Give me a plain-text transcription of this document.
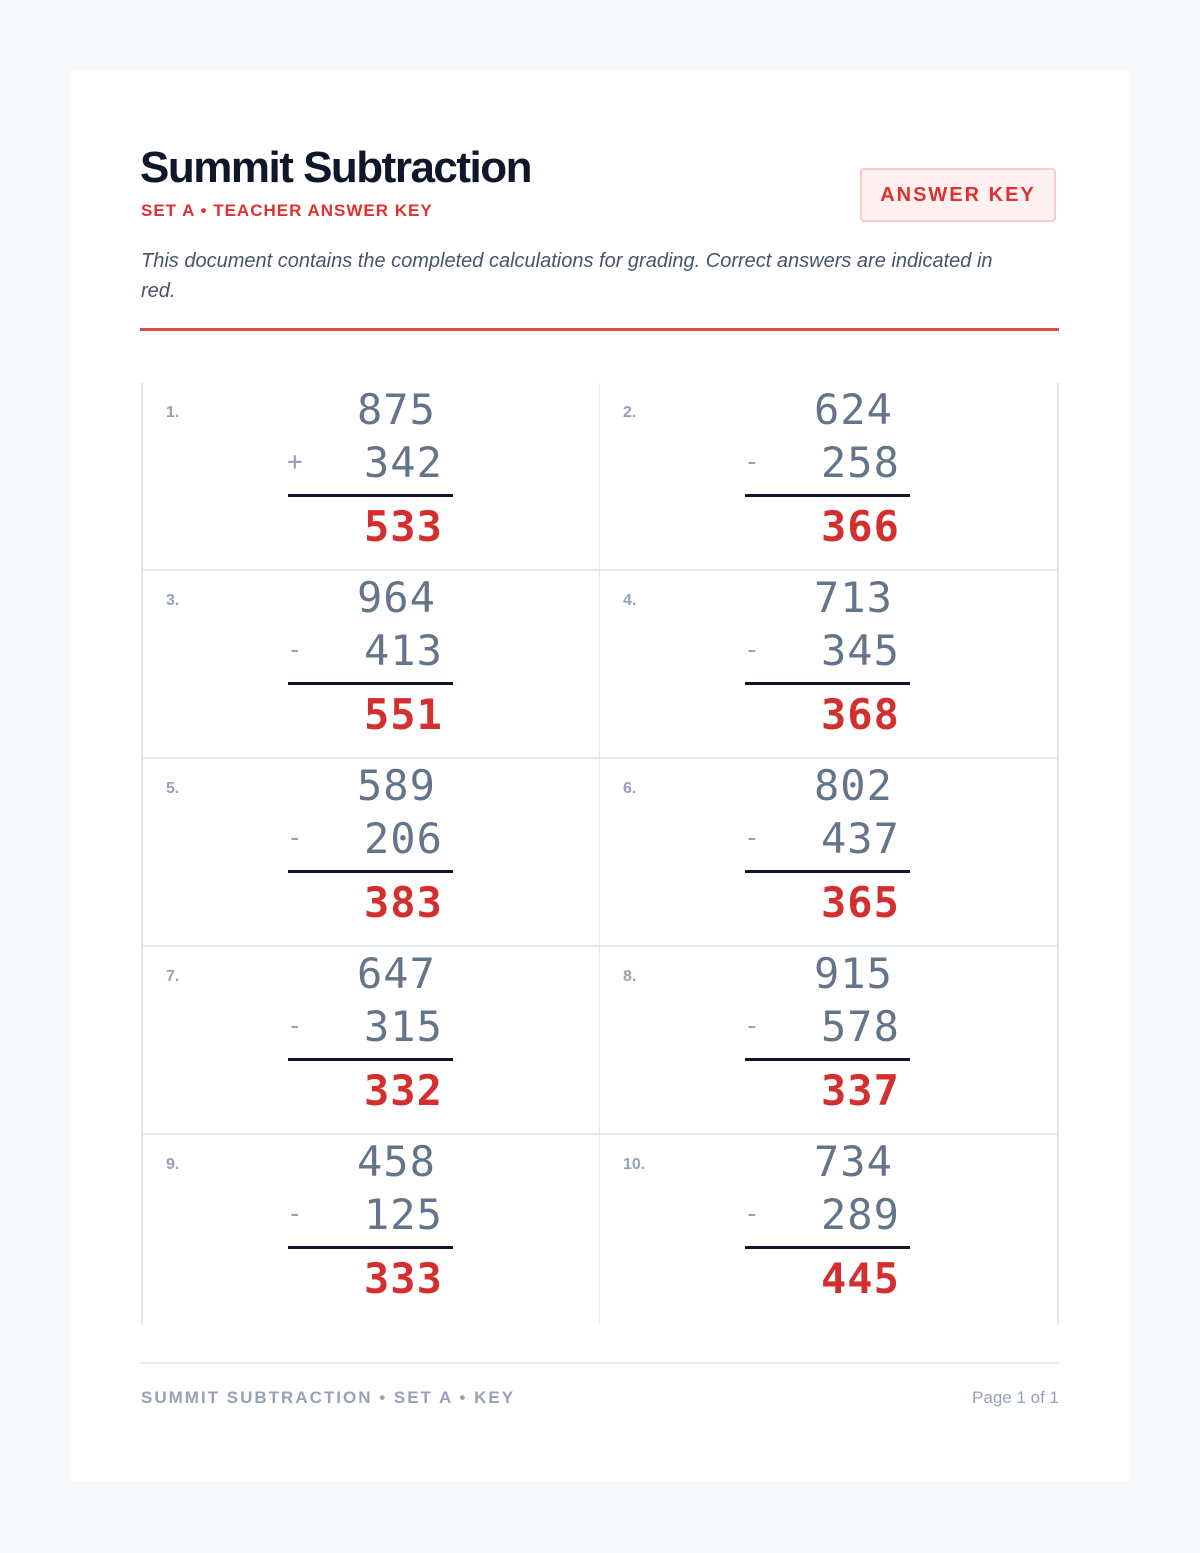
Summit Subtraction
SET A • TEACHER ANSWER KEY
ANSWER KEY
This document contains the completed calculations for grading. Correct answers are indicated in red.
1.	875
+ 342
533
2.	624
- 258
366
3.	964
- 413
551
4.	713
- 345
368
5.	589
- 206
383
6.	802
- 437
365
7.	647
- 315
332
8.	915
- 578
337
9.	458
- 125
333
10.	734
- 289
445
SUMMIT SUBTRACTION • SET A • KEY	Page 1 of 1
